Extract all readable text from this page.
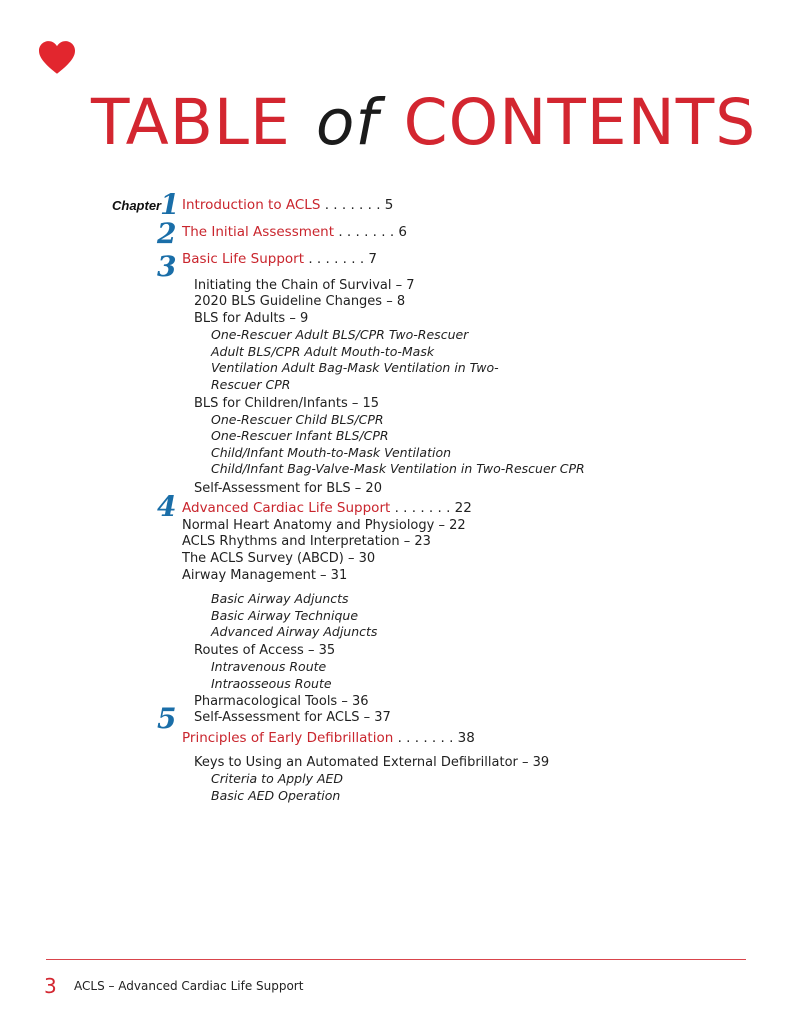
TABLE of CONTENTS
Chapter
1
2
3
4
5
Introduction to ACLS . . . . . . . 5
The Initial Assessment . . . . . . . 6
Basic Life Support . . . . . . . 7
Initiating the Chain of Survival – 7
2020 BLS Guideline Changes – 8
BLS for Adults – 9
One-Rescuer Adult BLS/CPR Two-Rescuer
Adult BLS/CPR Adult Mouth-to-Mask
Ventilation Adult Bag-Mask Ventilation in Two-
Rescuer CPR
BLS for Children/Infants – 15
One-Rescuer Child BLS/CPR
One-Rescuer Infant BLS/CPR
Child/Infant Mouth-to-Mask Ventilation
Child/Infant Bag-Valve-Mask Ventilation in Two-Rescuer CPR
Self-Assessment for BLS – 20
Advanced Cardiac Life Support . . . . . . . 22
Normal Heart Anatomy and Physiology – 22
ACLS Rhythms and Interpretation – 23
The ACLS Survey (ABCD) – 30
Airway Management – 31
Basic Airway Adjuncts
Basic Airway Technique
Advanced Airway Adjuncts
Routes of Access – 35
Intravenous Route
Intraosseous Route
Pharmacological Tools – 36
Self-Assessment for ACLS – 37
Principles of Early Defibrillation . . . . . . . 38
Keys to Using an Automated External Defibrillator – 39
Criteria to Apply AED
Basic AED Operation
3 ACLS – Advanced Cardiac Life Support
